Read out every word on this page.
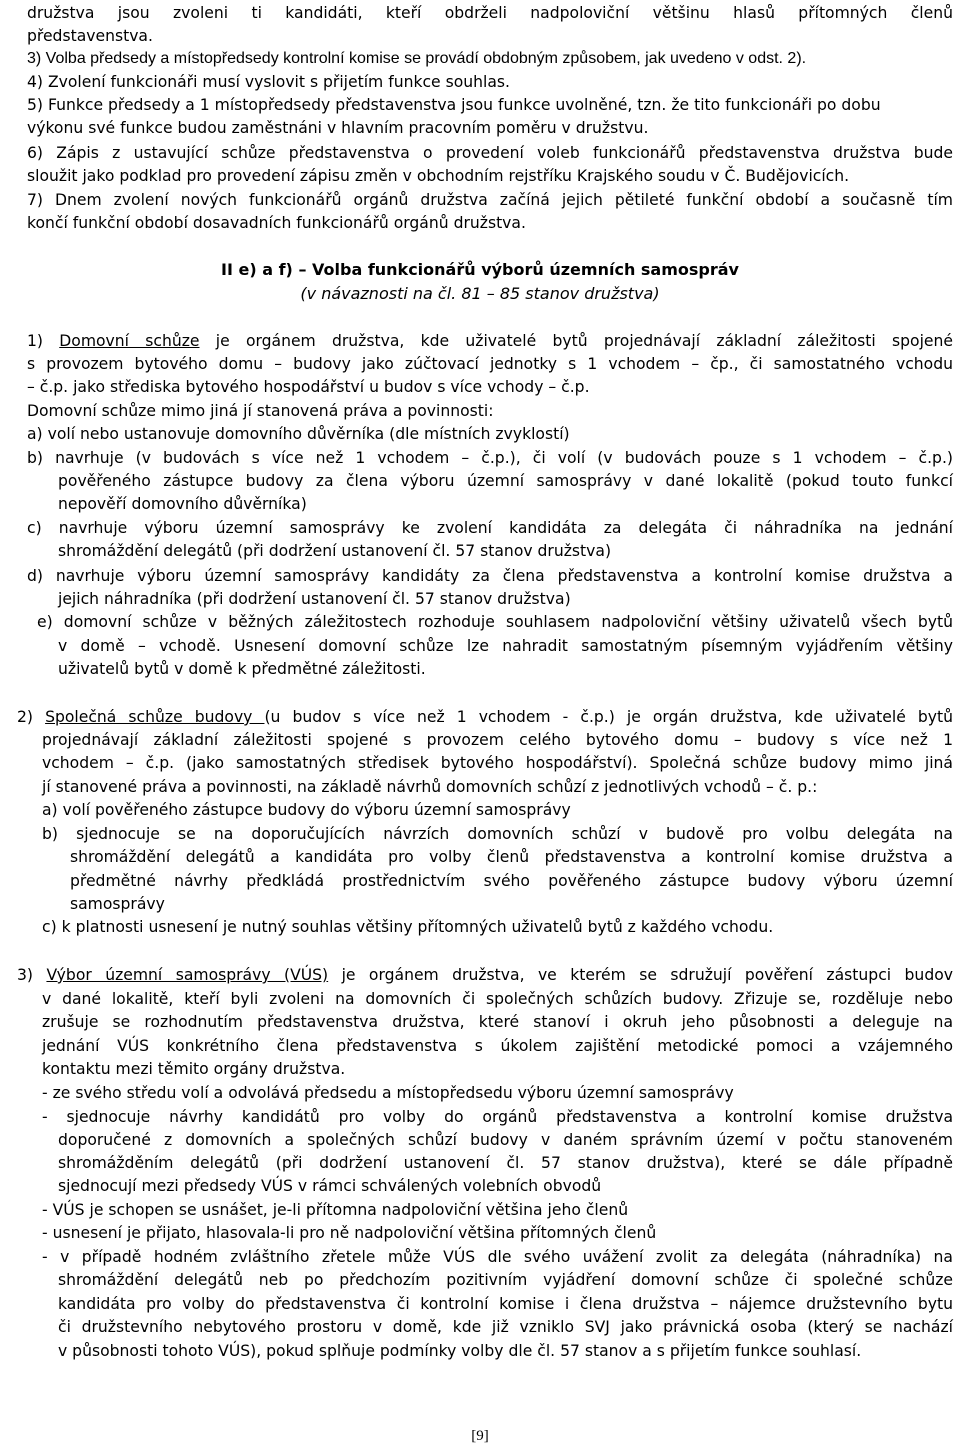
družstva jsou zvoleni ti kandidáti, kteří obdrželi nadpoloviční většinu hlasů přítomných členů
představenstva.
3) Volba předsedy a místopředsedy kontrolní komise se provádí obdobným způsobem, jak uvedeno v odst. 2).
4) Zvolení funkcionáři musí vyslovit s přijetím funkce souhlas.
5) Funkce předsedy a 1 místopředsedy představenstva jsou funkce uvolněné, tzn. že tito funkcionáři po dobu
výkonu své funkce budou zaměstnáni v hlavním pracovním poměru v družstvu.
6) Zápis z ustavující schůze představenstva o provedení voleb funkcionářů představenstva družstva bude
sloužit jako podklad pro provedení zápisu změn v obchodním rejstříku Krajského soudu v Č. Budějovicích.
7) Dnem zvolení nových funkcionářů orgánů družstva začíná jejich pětileté funkční období a současně tím
končí funkční období dosavadních funkcionářů orgánů družstva.
II e) a f) – Volba funkcionářů výborů územních samospráv
(v návaznosti na čl. 81 – 85 stanov družstva)
1) Domovní schůze je orgánem družstva, kde uživatelé bytů projednávají základní záležitosti spojené
s provozem bytového domu – budovy jako zúčtovací jednotky s 1 vchodem – čp., či samostatného vchodu
– č.p. jako střediska bytového hospodářství u budov s více vchody – č.p.
Domovní schůze mimo jiná jí stanovená práva a povinnosti:
a) volí nebo ustanovuje domovního důvěrníka (dle místních zvyklostí)
b) navrhuje (v budovách s více než 1 vchodem – č.p.), či volí (v budovách pouze s 1 vchodem – č.p.)
pověřeného zástupce budovy za člena výboru územní samosprávy v dané lokalitě (pokud touto funkcí
nepověří domovního důvěrníka)
c) navrhuje výboru územní samosprávy ke zvolení kandidáta za delegáta či náhradníka na jednání
shromáždění delegátů (při dodržení ustanovení čl. 57 stanov družstva)
d) navrhuje výboru územní samosprávy kandidáty za člena představenstva a kontrolní komise družstva a
jejich náhradníka (při dodržení ustanovení čl. 57 stanov družstva)
e) domovní schůze v běžných záležitostech rozhoduje souhlasem nadpoloviční většiny uživatelů všech bytů
v domě – vchodě. Usnesení domovní schůze lze nahradit samostatným písemným vyjádřením většiny
uživatelů bytů v domě k předmětné záležitosti.
2) Společná schůze budovy (u budov s více než 1 vchodem - č.p.) je orgán družstva, kde uživatelé bytů
projednávají základní záležitosti spojené s provozem celého bytového domu – budovy s více než 1
vchodem – č.p. (jako samostatných středisek bytového hospodářství). Společná schůze budovy mimo jiná
jí stanovené práva a povinnosti, na základě návrhů domovních schůzí z jednotlivých vchodů – č. p.:
a) volí pověřeného zástupce budovy do výboru územní samosprávy
b) sjednocuje se na doporučujících návrzích domovních schůzí v budově pro volbu delegáta na
shromáždění delegátů a kandidáta pro volby členů představenstva a kontrolní komise družstva a
předmětné návrhy předkládá prostřednictvím svého pověřeného zástupce budovy výboru územní
samosprávy
c) k platnosti usnesení je nutný souhlas většiny přítomných uživatelů bytů z každého vchodu.
3) Výbor územní samosprávy (VÚS) je orgánem družstva, ve kterém se sdružují pověření zástupci budov
v dané lokalitě, kteří byli zvoleni na domovních či společných schůzích budovy. Zřizuje se, rozděluje nebo
zrušuje se rozhodnutím představenstva družstva, které stanoví i okruh jeho působnosti a deleguje na
jednání VÚS konkrétního člena představenstva s úkolem zajištění metodické pomoci a vzájemného
kontaktu mezi těmito orgány družstva.
- ze svého středu volí a odvolává předsedu a místopředsedu výboru územní samosprávy
- sjednocuje návrhy kandidátů pro volby do orgánů představenstva a kontrolní komise družstva
doporučené z domovních a společných schůzí budovy v daném správním území v počtu stanoveném
shromážděním delegátů (při dodržení ustanovení čl. 57 stanov družstva), které se dále případně
sjednocují mezi předsedy VÚS v rámci schválených volebních obvodů
- VÚS je schopen se usnášet, je-li přítomna nadpoloviční většina jeho členů
- usnesení je přijato, hlasovala-li pro ně nadpoloviční většina přítomných členů
- v případě hodném zvláštního zřetele může VÚS dle svého uvážení zvolit za delegáta (náhradníka) na
shromáždění delegátů neb po předchozím pozitivním vyjádření domovní schůze či společné schůze
kandidáta pro volby do představenstva či kontrolní komise i člena družstva – nájemce družstevního bytu
či družstevního nebytového prostoru v domě, kde již vzniklo SVJ jako právnická osoba (který se nachází
v působnosti tohoto VÚS), pokud splňuje podmínky volby dle čl. 57 stanov a s přijetím funkce souhlasí.
[9]
